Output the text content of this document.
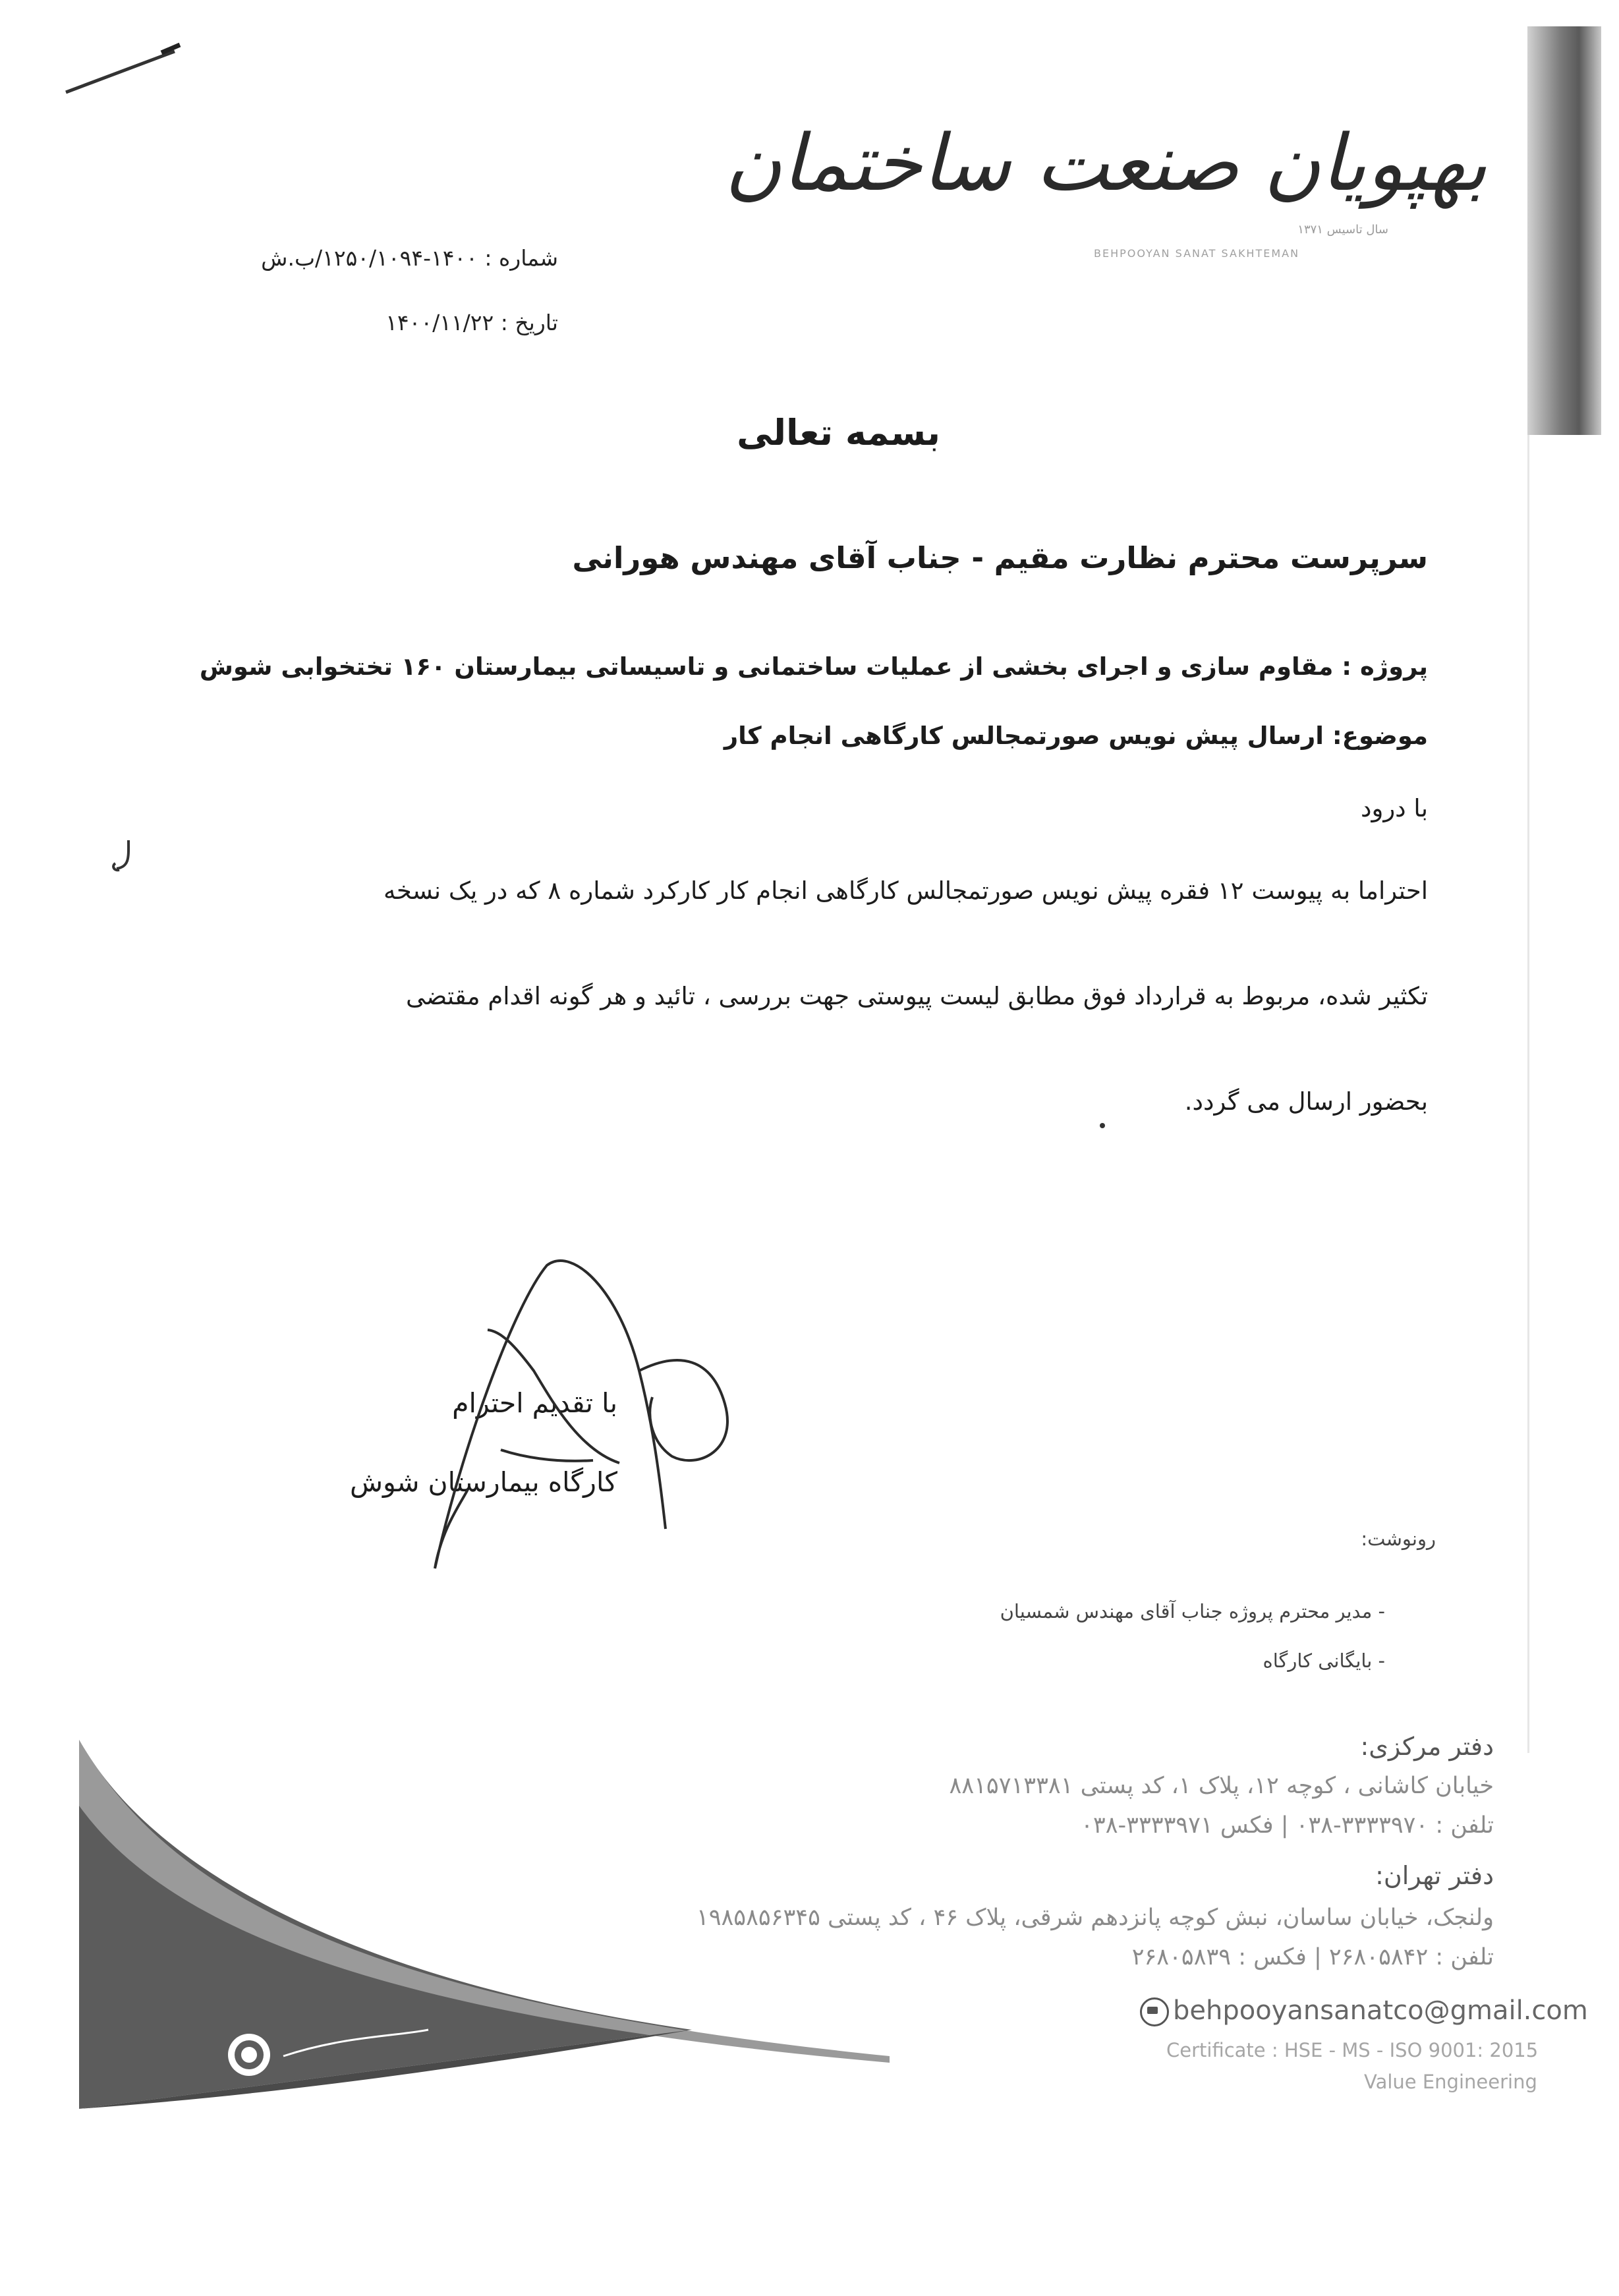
بهپویان صنعت ساختمان
سال تاسیس ۱۳۷۱
BEHPOOYAN SANAT SAKHTEMAN
شماره : ۱۴۰۰-۱۲۵۰/۱۰۹۴/ب.ش
تاریخ : ۱۴۰۰/۱۱/۲۲
بسمه تعالی
سرپرست محترم نظارت مقیم - جناب آقای مهندس هورانی
پروژه : مقاوم سازی و اجرای بخشی از عملیات ساختمانی و تاسیساتی بیمارستان ۱۶۰ تختخوابی شوش
موضوع: ارسال پیش نویس صورتمجالس کارگاهی انجام کار
با درود
احتراما به پیوست ۱۲ فقره پیش نویس صورتمجالس کارگاهی انجام کار کارکرد شماره ۸ که در یک نسخه
تکثیر شده، مربوط به قرارداد فوق مطابق لیست پیوستی جهت بررسی ، تائید و هر گونه اقدام مقتضی
بحضور ارسال می گردد.
با تقدیم احترام
کارگاه بیمارستان شوش
رونوشت:
- مدیر محترم پروژه جناب آقای مهندس شمسیان
- بایگانی کارگاه
دفتر مرکزی:
خیابان کاشانی ، کوچه ۱۲، پلاک ۱، کد پستی ۸۸۱۵۷۱۳۳۸۱
تلفن : ۳۳۳۳۹۷۰-۰۳۸ | فکس ۳۳۳۳۹۷۱-۰۳۸
دفتر تهران:
ولنجک، خیابان ساسان، نبش کوچه پانزدهم شرقی، پلاک ۴۶ ، کد پستی ۱۹۸۵۸۵۶۳۴۵
تلفن : ۲۶۸۰۵۸۴۲ | فکس : ۲۶۸۰۵۸۳۹
behpooyansanatco@gmail.com
Certificate : HSE - MS - ISO 9001: 2015
Value Engineering
